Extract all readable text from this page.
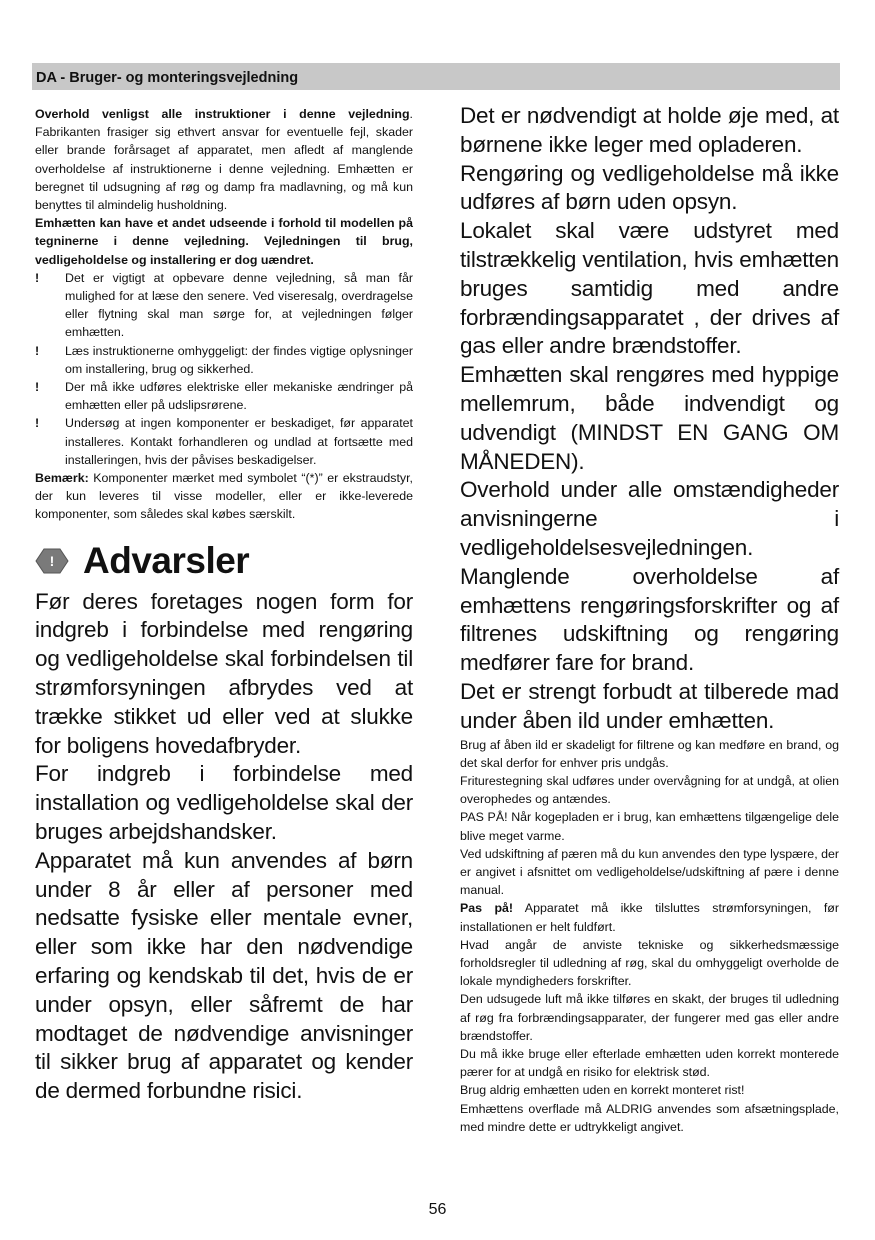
DA - Bruger- og monteringsvejledning

Overhold venligst alle instruktioner i denne vejledning. Fabrikanten frasiger sig ethvert ansvar for eventuelle fejl, skader eller brande forårsaget af apparatet, men afledt af manglende overholdelse af instruktionerne i denne vejledning. Emhætten er beregnet til udsugning af røg og damp fra madlavning, og må kun benyttes til almindelig husholdning.

Emhætten kan have et andet udseende i forhold til modellen på tegninerne i denne vejledning. Vejledningen til brug, vedligeholdelse og installering er dog uændret.

!	Det er vigtigt at opbevare denne vejledning, så man får mulighed for at læse den senere. Ved viseresalg, overdragelse eller flytning skal man sørge for, at vejledningen følger emhætten.
!	Læs instruktionerne omhyggeligt: der findes vigtige oplysninger om installering, brug og sikkerhed.
!	Der må ikke udføres elektriske eller mekaniske ændringer på emhætten eller på udslipsrørene.
!	Undersøg at ingen komponenter er beskadiget, før apparatet installeres. Kontakt forhandleren og undlad at fortsætte med installeringen, hvis der påvises beskadigelser.

Bemærk: Komponenter mærket med symbolet “(*)” er ekstraudstyr, der kun leveres til visse modeller, eller er ikke-leverede komponenter, som således skal købes særskilt.

! Advarsler

Før deres foretages nogen form for indgreb i forbindelse med rengøring og vedligeholdelse skal forbindelsen til strømforsyningen afbrydes ved at trække stikket ud eller ved at slukke for boligens hovedafbryder.

For indgreb i forbindelse med installation og vedligeholdelse skal der bruges arbejdshandsker.

Apparatet må kun anvendes af børn under 8 år eller af personer med nedsatte fysiske eller mentale evner, eller som ikke har den nødvendige erfaring og kendskab til det, hvis de er under opsyn, eller såfremt de har modtaget de nødvendige anvisninger til sikker brug af apparatet og kender de dermed forbundne risici.

Det er nødvendigt at holde øje med, at børnene ikke leger med opladeren.

Rengøring og vedligeholdelse må ikke udføres af børn uden opsyn.

Lokalet skal være udstyret med tilstrækkelig ventilation, hvis emhætten bruges samtidig med andre forbrændingsapparatet , der drives af gas eller andre brændstoffer.

Emhætten skal rengøres med hyppige mellemrum, både indvendigt og udvendigt (MINDST EN GANG OM MÅNEDEN).

Overhold under alle omstændigheder anvisningerne i vedligeholdelsesvejledningen.

Manglende overholdelse af emhættens rengøringsforskrifter og af filtrenes udskiftning og rengøring medfører fare for brand.

Det er strengt forbudt at tilberede mad under åben ild under emhætten.

Brug af åben ild er skadeligt for filtrene og kan medføre en brand, og det skal derfor for enhver pris undgås.

Friturestegning skal udføres under overvågning for at undgå, at olien overophedes og antændes.

PAS PÅ! Når kogepladen er i brug, kan emhættens tilgængelige dele blive meget varme.

Ved udskiftning af pæren må du kun anvendes den type lyspære, der er angivet i afsnittet om vedligeholdelse/udskiftning af pære i denne manual.

Pas på! Apparatet må ikke tilsluttes strømforsyningen, før installationen er helt fuldført.

Hvad angår de anviste tekniske og sikkerhedsmæssige forholdsregler til udledning af røg, skal du omhyggeligt overholde de lokale myndigheders forskrifter.

Den udsugede luft må ikke tilføres en skakt, der bruges til udledning af røg fra forbrændingsapparater, der fungerer med gas eller andre brændstoffer.

Du må ikke bruge eller efterlade emhætten uden korrekt monterede pærer for at undgå en risiko for elektrisk stød.

Brug aldrig emhætten uden en korrekt monteret rist!

Emhættens overflade må ALDRIG anvendes som afsætningsplade, med mindre dette er udtrykkeligt angivet.

56
